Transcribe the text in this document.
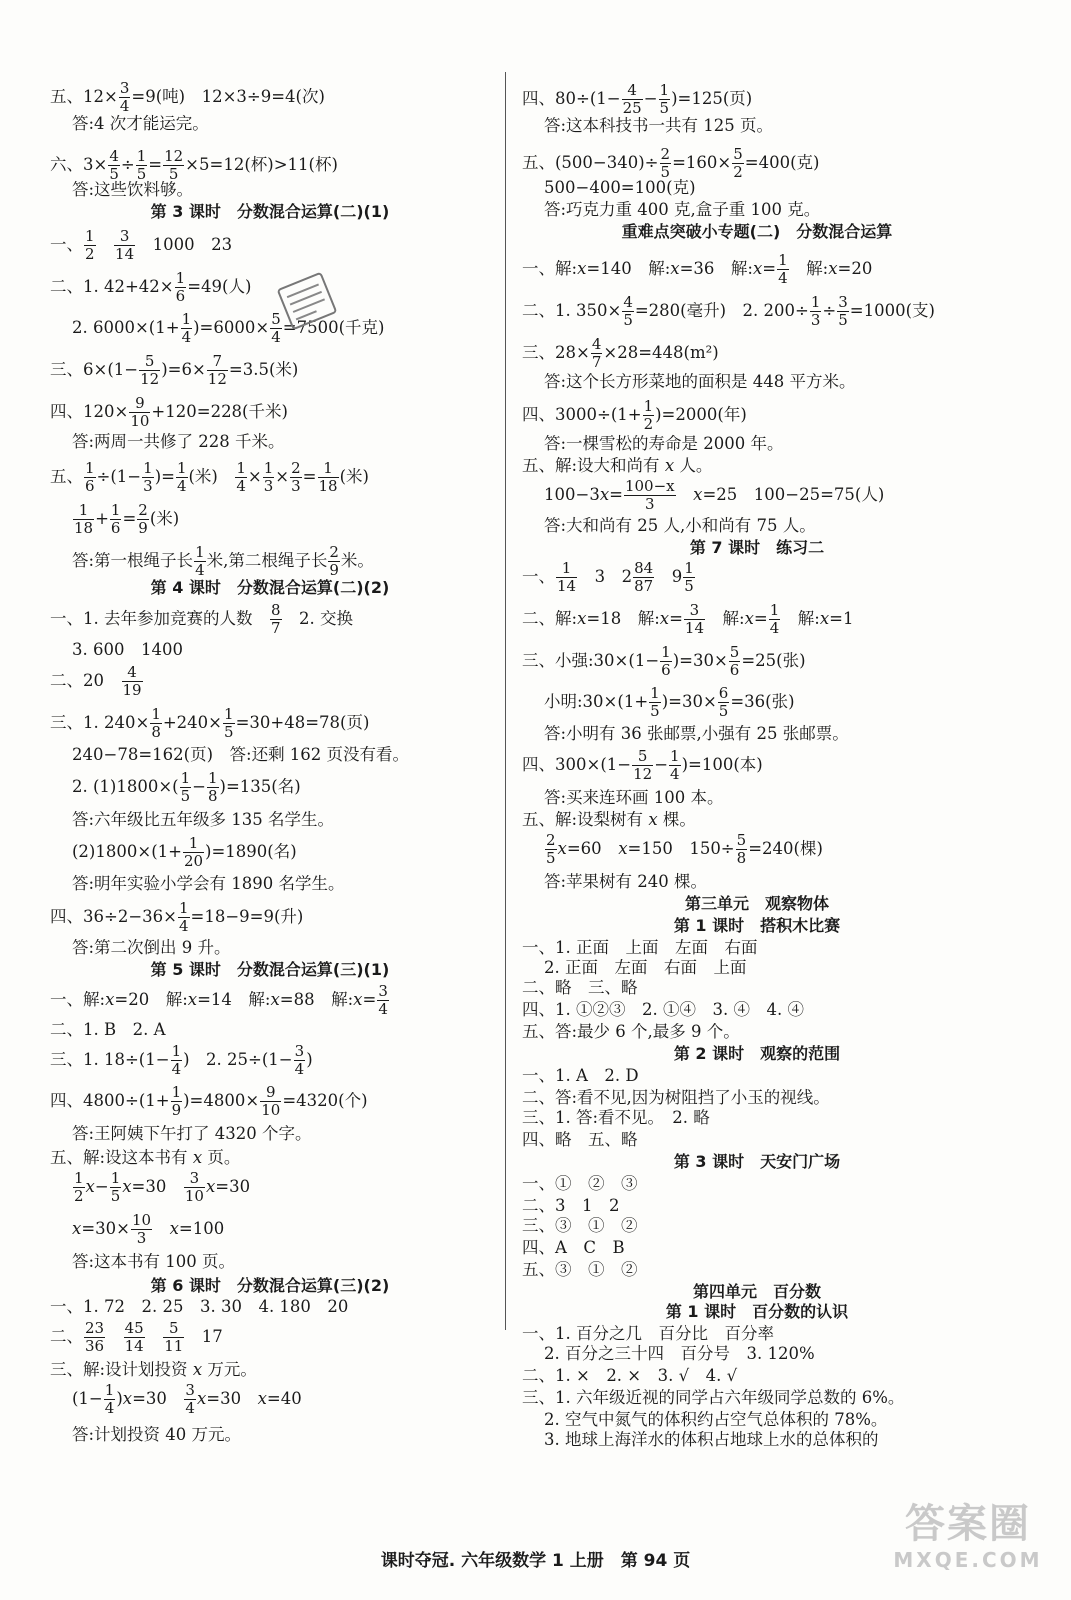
五、$12\times \frac{3}{4} =9$(吨)　12×3÷9=4(次)
答:4 次才能运完。
六、$3\times \frac{4}{5} \div \frac{1}{5} = \frac{12}{5} \times 5=12$(杯)>11(杯)
答:这些饮料够。
第 3 课时　分数混合运算(二)(1)
一、 $\frac{1}{2}$
　 $\frac{3}{14}$
　 1000　23
二、1. $42+42\times \frac{1}{6} =49$(人)
2. $6000\times(1+ \frac{1}{4} )=6000\times \frac{5}{4} =7500$(千克)
三、$6\times(1- \frac{5}{12} )=6\times \frac{7}{12} =3.5$(米)
四、$120\times \frac{9}{10} +120=228$(千米)
答:两周一共修了 228 千米。
五、 $\frac{1}{6} \div(1- \frac{1}{3}$ )= $\frac{1}{4}$ (米)　 $\frac{1}{4} \times \frac{1}{3} \times \frac{2}{3} = \frac{1}{18}$ (米)
$\frac{1}{18} + \frac{1}{6} = \frac{2}{9}$ (米)
答:第一根绳子长 $\frac{1}{4}$ 米,第二根绳子长 $\frac{2}{9}$ 米。
第 4 课时　分数混合运算(二)(2)
一、1. 去年参加竞赛的人数　 $\frac{8}{7}$
　 2. 交换
3. 600　1400
二、20　 $\frac{4}{19}$
三、1. $240\times \frac{1}{8} +240\times \frac{1}{5} =30+48=78$(页)
240−78=162(页)　答:还剩 162 页没有看。
2. $(1)1800\times( \frac{1}{5} - \frac{1}{8} )=135$(名)
答:六年级比五年级多 135 名学生。
$(2)1800\times(1+ \frac{1}{20} )=1890$(名)
答:明年实验小学会有 1890 名学生。
四、$36\div 2-36\times \frac{1}{4} =18-9=9$(升)
答:第二次倒出 9 升。
第 5 课时　分数混合运算(三)(1)
一、解:x=20　解:x=14　解:x=88　解:x= $\frac{3}{4}$
二、1. B　2. A
三、1. $18\div(1- \frac{1}{4}$ )　2. $25\div(1- \frac{3}{4}$ )
四、$4800\div(1+ \frac{1}{9} )=4800\times \frac{9}{10} =4320$(个)
答:王阿姨下午打了 4320 个字。
五、解:设这本书有 x 页。
$\frac{1}{2} x- \frac{1}{5} x=30$　 $\frac{3}{10} x=30$
$x=30\times \frac{10}{3}$
　 x=100
答:这本书有 100 页。
第 6 课时　分数混合运算(三)(2)
一、1. 72　2. 25　3. 30　4. 180　20
二、 $\frac{23}{36}$
　 $\frac{45}{14}$
　 $\frac{5}{11}$
　 17
三、解:设计划投资 x 万元。
$(1- \frac{1}{4} )x=30$　 $\frac{3}{4} x=30$　 x=40
答:计划投资 40 万元。
四、$80\div(1- \frac{4}{25} - \frac{1}{5} )=125$(页)
答:这本科技书一共有 125 页。
五、$(500-340)\div \frac{2}{5} =160\times \frac{5}{2} =400$(克)
500−400=100(克)
答:巧克力重 400 克,盒子重 100 克。
重难点突破小专题(二)　分数混合运算
一、解:x=140　解:x=36　解:x= $\frac{1}{4}$
　 解:x=20
二、1. $350\times \frac{4}{5} =280$(毫升)　2. $200\div \frac{1}{3} \div \frac{3}{5} =1000$(支)
三、$28\times \frac{4}{7} \times 28=448(m^2)$
答:这个长方形菜地的面积是 448 平方米。
四、$3000\div(1+ \frac{1}{2} )=2000$(年)
答:一棵雪松的寿命是 2000 年。
五、解:设大和尚有 x 人。
$100-3x= \frac{100-x}{3}$
　 x=25　100−25=75(人)
答:大和尚有 25 人,小和尚有 75 人。
第 7 课时　练习二
一、 $\frac{1}{14}$
　 3　$2 \frac{84}{87}$
　 $9 \frac{1}{5}$
二、解:x=18　解:x= $\frac{3}{14}$
　 解:x= $\frac{1}{4}$
　 解:x=1
三、小强:30×(1− $\frac{1}{6} )=30\times \frac{5}{6} =25$(张)
小明:30×(1+ $\frac{1}{5} )=30\times \frac{6}{5} =36$(张)
答:小明有 36 张邮票,小强有 25 张邮票。
四、$300\times(1- \frac{5}{12} - \frac{1}{4} )=100$(本)
答:买来连环画 100 本。
五、解:设梨树有 x 棵。
$\frac{2}{5} x=60$　 x=150　$150\div \frac{5}{8} =240$(棵)
答:苹果树有 240 棵。
第三单元　观察物体
第 1 课时　搭积木比赛
一、1. 正面　上面　左面　右面
2. 正面　左面　右面　上面
二、略　三、略
四、1. ①②③　2. ①④　3. ④　4. ④
五、答:最少 6 个,最多 9 个。
第 2 课时　观察的范围
一、1. A　2. D
二、答:看不见,因为树阻挡了小玉的视线。
三、1. 答:看不见。　2. 略
四、略　五、略
第 3 课时　天安门广场
一、①　②　③
二、3　1　2
三、③　①　②
四、A　C　B
五、③　①　②
第四单元　百分数
第 1 课时　百分数的认识
一、1. 百分之几　百分比　百分率
2. 百分之三十四　百分号　3. 120%
二、1. ×　2. ×　3. √　4. √
三、1. 六年级近视的同学占六年级同学总数的 6%。
2. 空气中氮气的体积约占空气总体积的 78%。
3. 地球上海洋水的体积占地球上水的总体积的
课时夺冠. 六年级数学 1 上册　第 94 页
答案圈
MXQE.COM
